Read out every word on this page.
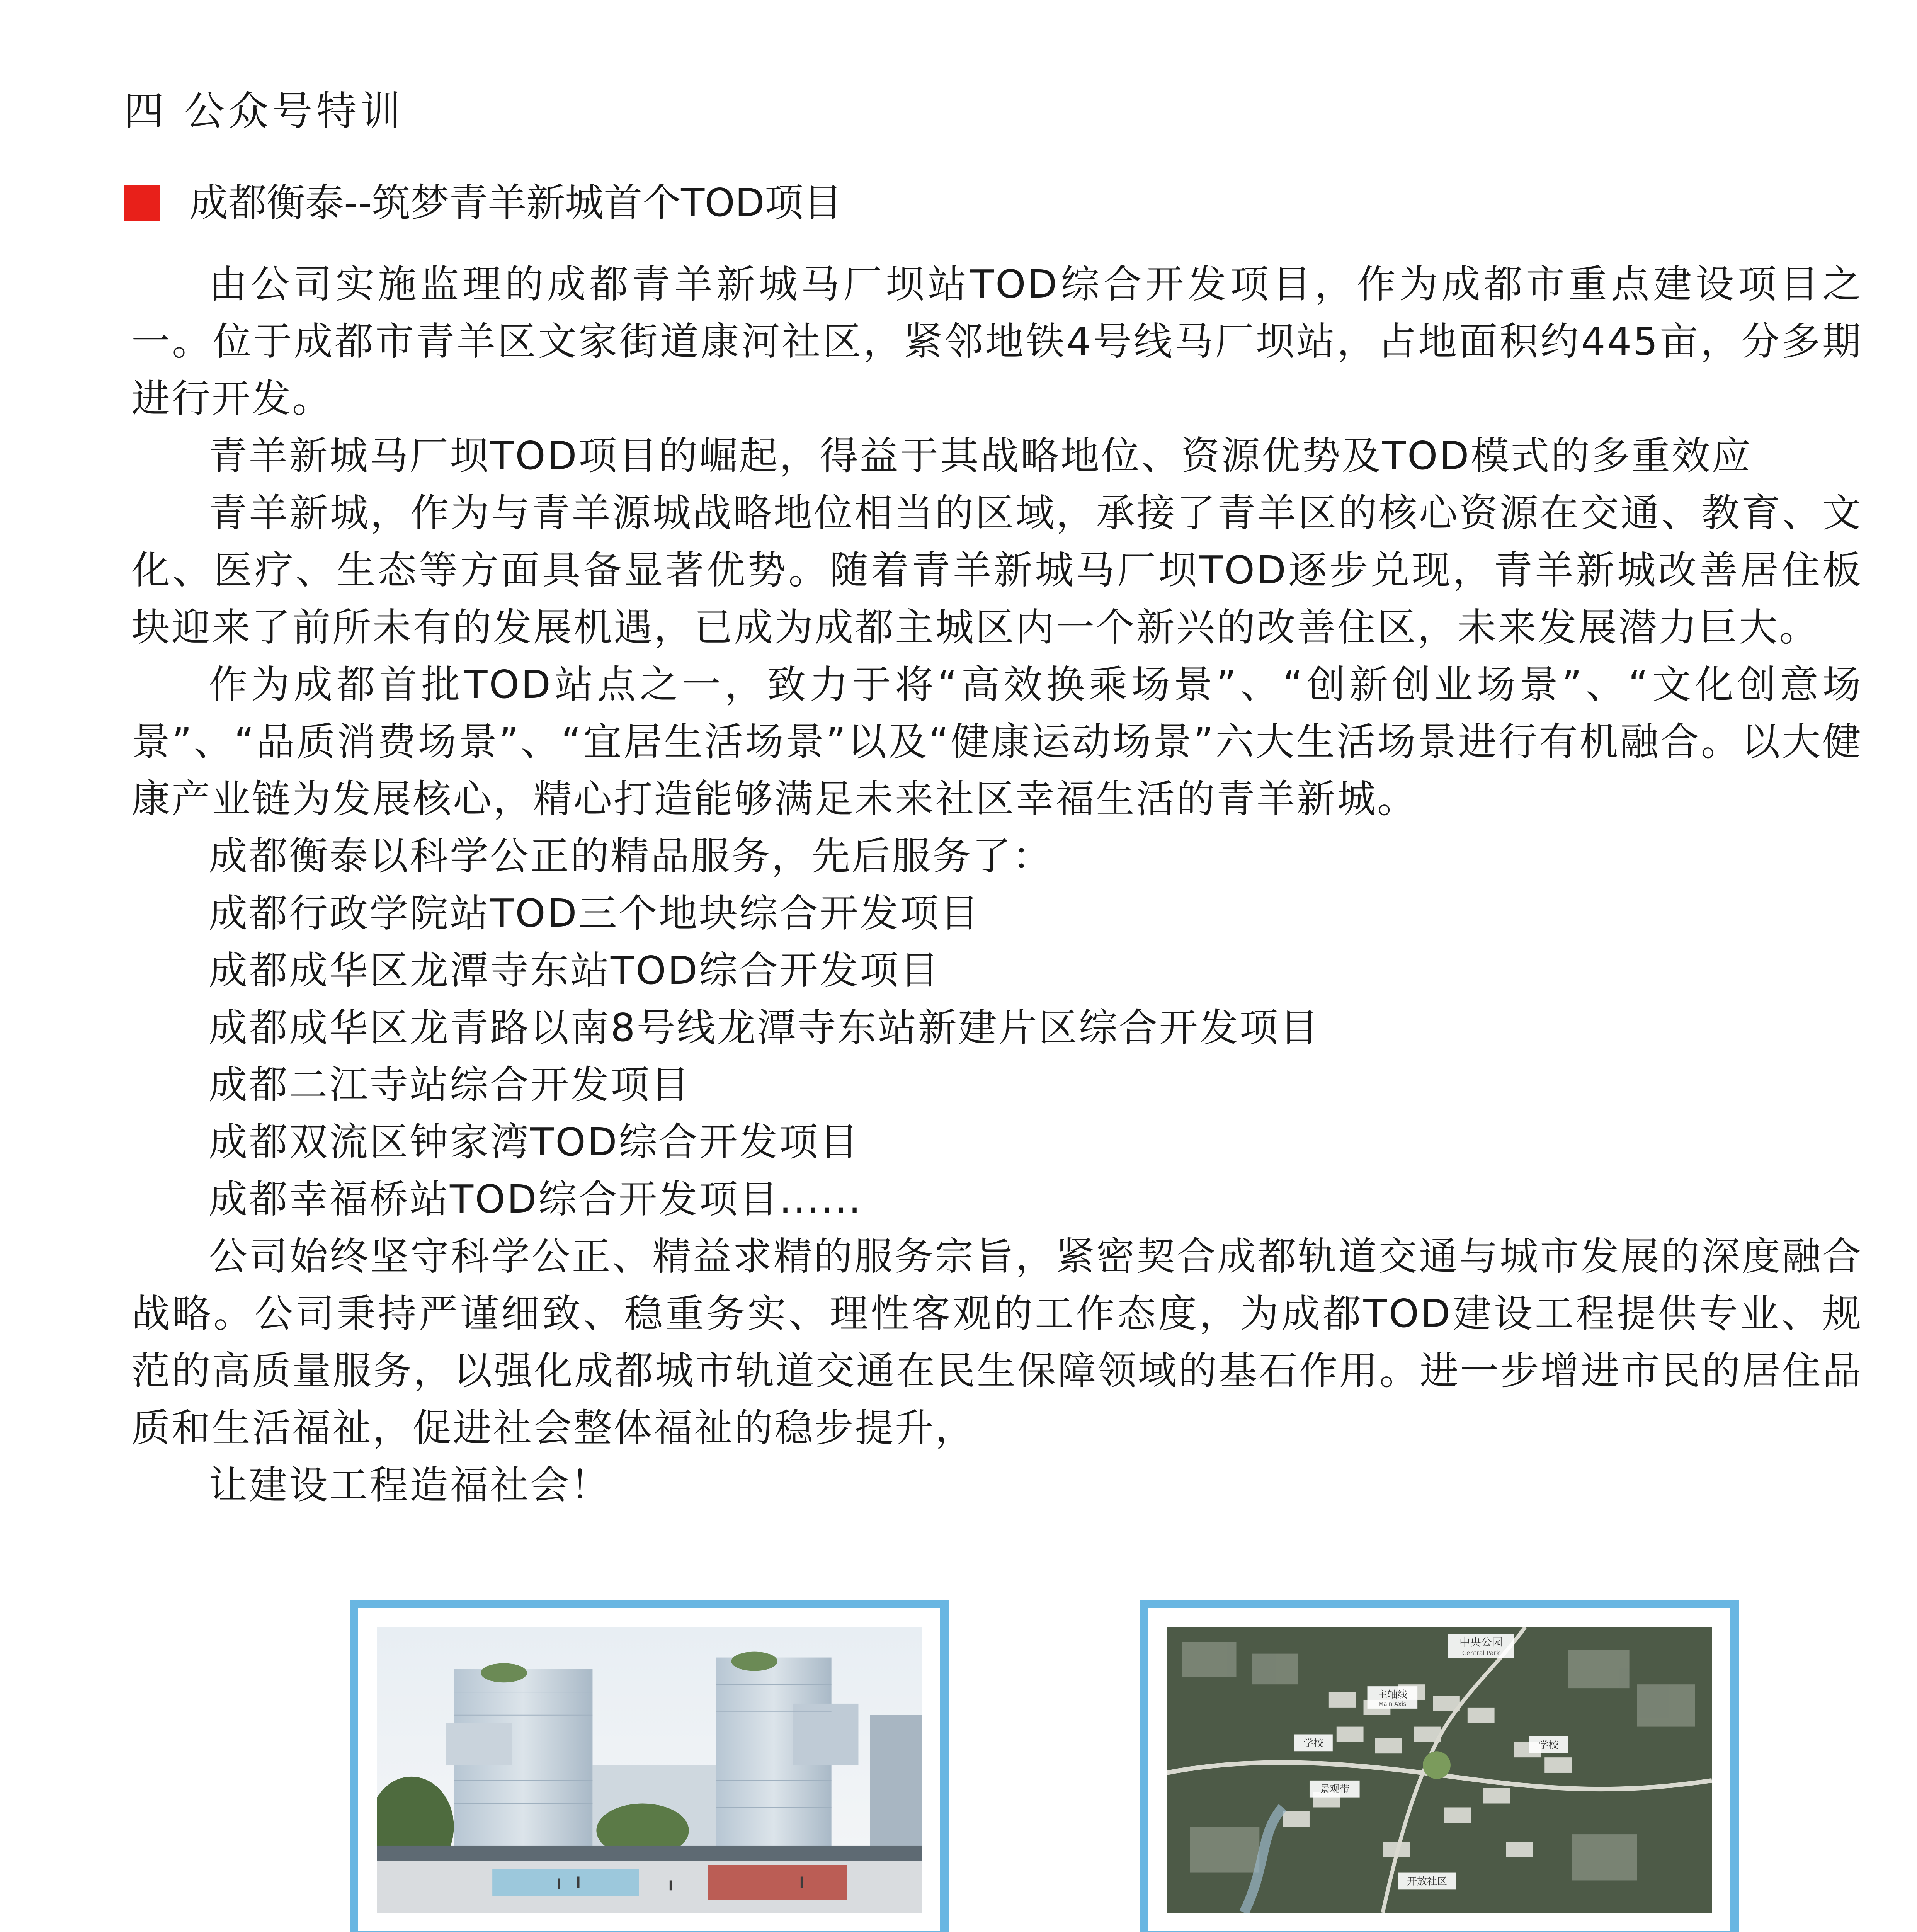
四 公众号特训
成都衡泰--筑梦青羊新城首个TOD项目

由公司实施监理的成都青羊新城马厂坝站TOD综合开发项目，作为成都市重点建设项目之一。位于成都市青羊区文家街道康河社区，紧邻地铁4号线马厂坝站，占地面积约445亩，分多期进行开发。

青羊新城马厂坝TOD项目的崛起，得益于其战略地位、资源优势及TOD模式的多重效应

青羊新城，作为与青羊源城战略地位相当的区域，承接了青羊区的核心资源在交通、教育、文化、医疗、生态等方面具备显著优势。随着青羊新城马厂坝TOD逐步兑现，青羊新城改善居住板块迎来了前所未有的发展机遇，已成为成都主城区内一个新兴的改善住区，未来发展潜力巨大。

作为成都首批TOD站点之一，致力于将“高效换乘场景”、“创新创业场景”、“文化创意场景”、“品质消费场景”、“宜居生活场景”以及“健康运动场景”六大生活场景进行有机融合。以大健康产业链为发展核心，精心打造能够满足未来社区幸福生活的青羊新城。

成都衡泰以科学公正的精品服务，先后服务了：

成都行政学院站TOD三个地块综合开发项目

成都成华区龙潭寺东站TOD综合开发项目

成都成华区龙青路以南8号线龙潭寺东站新建片区综合开发项目

成都二江寺站综合开发项目

成都双流区钟家湾TOD综合开发项目

成都幸福桥站TOD综合开发项目......

公司始终坚守科学公正、精益求精的服务宗旨，紧密契合成都轨道交通与城市发展的深度融合战略。公司秉持严谨细致、稳重务实、理性客观的工作态度，为成都TOD建设工程提供专业、规范的高质量服务，以强化成都城市轨道交通在民生保障领域的基石作用。进一步增进市民的居住品质和生活福祉，促进社会整体福祉的稳步提升，

让建设工程造福社会！

中央公园
Central Park
主轴线
Main Axis
学校	学校
景观带
开放社区
